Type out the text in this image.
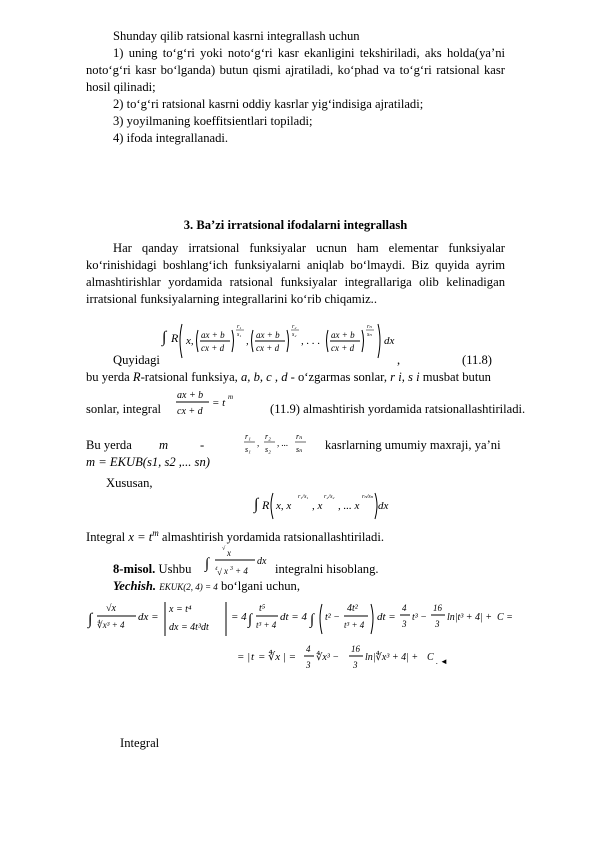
Shunday qilib ratsional kasrni integrallash uchun
1) uning to‘g‘ri yoki noto‘g‘ri kasr ekanligini tekshiriladi, aks holda(ya’ni noto‘g‘ri kasr bo‘lganda) butun qismi ajratiladi, ko‘phad va to‘g‘ri ratsional kasr hosil qilinadi;
2) to‘g‘ri ratsional kasrni oddiy kasrlar yig‘indisiga ajratiladi;
3) yoyilmaning koeffitsientlari topiladi;
4) ifoda integrallanadi.
3. Ba’zi irratsional ifodalarni integrallash
Har qanday irratsional funksiyalar ucnun ham elementar funksiyalar ko‘rinishidagi boshlang‘ich funksiyalarni aniqlab bo‘lmaydi. Biz quyida ayrim almashtirishlar yordamida ratsional funksiyalar integrallariga olib kelinadigan irratsional funksiyalarning integrallarini ko‘rib chiqamiz..
Quyidagi
∫ R x, ax + b
cx + d
r₁
s₁ , ax + b
cx + d
r₂
s₂ , . . . ax + b
cx + d
rₙ
sₙ dx
,	(11.8)
bu yerda R-ratsional funksiya, a, b, c , d - o‘zgarmas sonlar, r i, s i musbat butun
sonlar, integral
ax + b
cx + d
= t m
(11.9) almashtirish yordamida ratsionallashtiriladi.
Bu yerda m	-
r₁
s₁
,
r₂
s₂
, ...
rₙ
sₙ kasrlarning umumiy maxraji, ya’ni
m = EKUB(s1, s2 ,... sn)
Xususan,
∫ R x, x
r₁/s₁
, x
r₂/s₂
, ... x
rₙ/sₙ
dx
Integral $x = t^m$ almashtirish yordamida ratsionallashtiriladi.
8-misol. Ushbu ∫
√ x
4 √ x 3 + 4
dx
integralni hisoblang.
Yechish. EKUK(2, 4) = 4 bo‘lgani uchun,
∫
√x
∜x³ + 4
dx =
x = t⁴
dx = 4t³dt
= 4 ∫
t⁵
t³ + 4
dt = 4 ∫ t² −
4t²
t³ + 4
dt =
4
3
t³ −
16
3
ln|t³ + 4| + C =
= | t = ∜x | =
4
3
∜x³ −
16
3
ln|∜x³ + 4| + C . ◄
Integral
